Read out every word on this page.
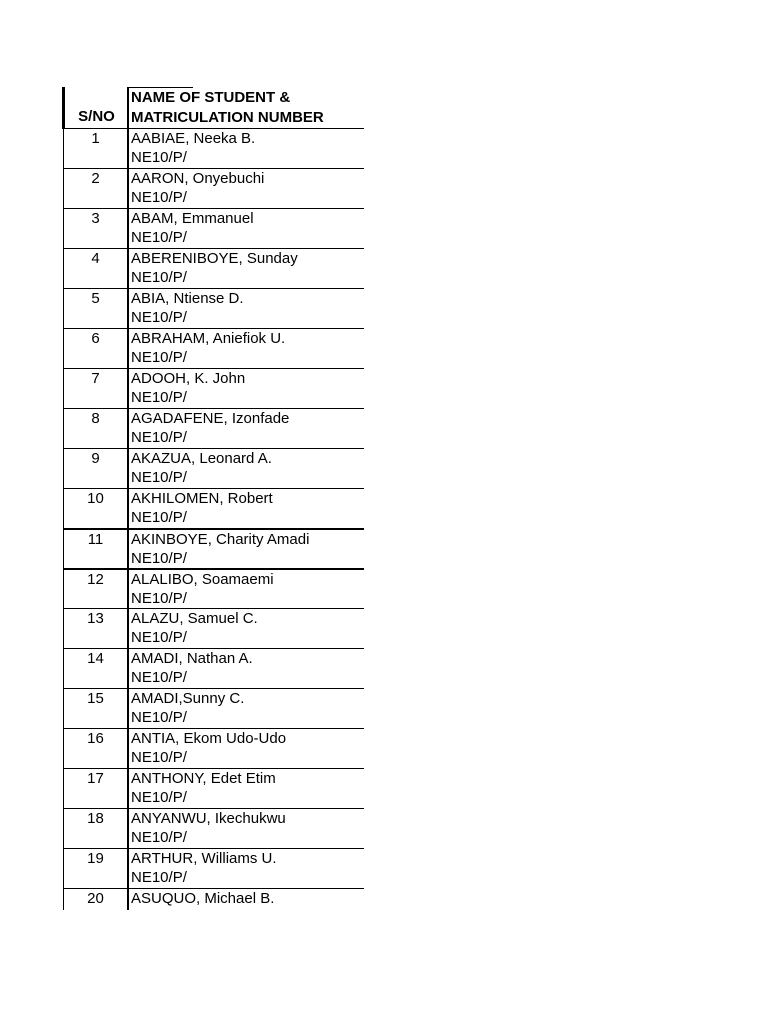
S/NO
NAME OF STUDENT &
MATRICULATION NUMBER
1	AABIAE, Neeka B.
NE10/P/
2	AARON, Onyebuchi
NE10/P/
3	ABAM, Emmanuel
NE10/P/
4	ABERENIBOYE, Sunday
NE10/P/
5	ABIA, Ntiense D.
NE10/P/
6	ABRAHAM, Aniefiok U.
NE10/P/
7	ADOOH, K. John
NE10/P/
8	AGADAFENE, Izonfade
NE10/P/
9	AKAZUA, Leonard A.
NE10/P/
10	AKHILOMEN, Robert
NE10/P/
11	AKINBOYE, Charity Amadi
NE10/P/
12	ALALIBO, Soamaemi
NE10/P/
13	ALAZU, Samuel C.
NE10/P/
14	AMADI, Nathan A.
NE10/P/
15	AMADI,Sunny C.
NE10/P/
16	ANTIA, Ekom Udo-Udo
NE10/P/
17	ANTHONY, Edet Etim
NE10/P/
18	ANYANWU, Ikechukwu
NE10/P/
19	ARTHUR, Williams U.
NE10/P/
20	ASUQUO, Michael B.
